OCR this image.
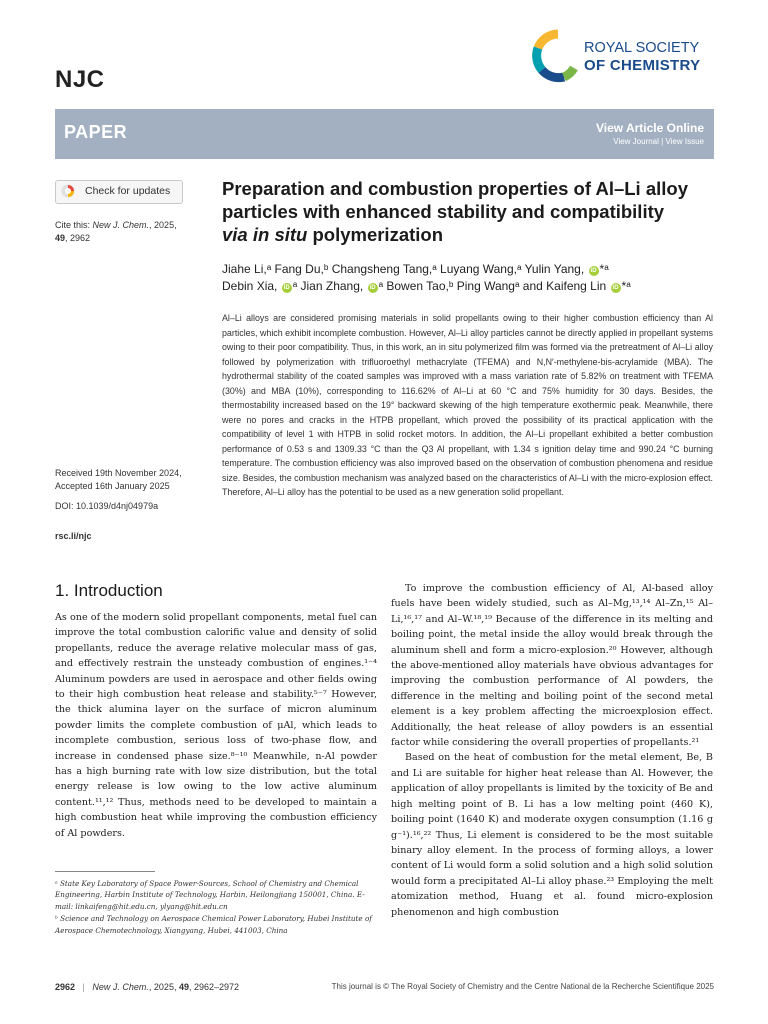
NJC
ROYAL SOCIETY
OF CHEMISTRY
PAPER	View Article Online
View Journal | View Issue
Check for updates
Cite this: New J. Chem., 2025,
49, 2962
Received 19th November 2024,
Accepted 16th January 2025
DOI: 10.1039/d4nj04979a
rsc.li/njc
Preparation and combustion properties of Al–Li alloy particles with enhanced stability and compatibility via in situ polymerization
Jiahe Li,ᵃ Fang Du,ᵇ Changsheng Tang,ᵃ Luyang Wang,ᵃ Yulin Yang, iD *ᵃ
Debin Xia, iD ᵃ Jian Zhang, iD ᵃ Bowen Tao,ᵇ Ping Wangᵃ and Kaifeng Lin iD *ᵃ
Al–Li alloys are considered promising materials in solid propellants owing to their higher combustion efficiency than Al particles, which exhibit incomplete combustion. However, Al–Li alloy particles cannot be directly applied in propellant systems owing to their poor compatibility. Thus, in this work, an in situ polymerized film was formed via the pretreatment of Al–Li alloy followed by polymerization with trifluoroethyl methacrylate (TFEMA) and N,N′-methylene-bis-acrylamide (MBA). The hydrothermal stability of the coated samples was improved with a mass variation rate of 5.82% on treatment with TFEMA (30%) and MBA (10%), corresponding to 116.62% of Al–Li at 60 °C and 75% humidity for 30 days. Besides, the thermostability increased based on the 19° backward skewing of the high temperature exothermic peak. Meanwhile, there were no pores and cracks in the HTPB propellant, which proved the possibility of its practical application with the compatibility of level 1 with HTPB in solid rocket motors. In addition, the Al–Li propellant exhibited a better combustion performance of 0.53 s and 1309.33 °C than the Q3 Al propellant, with 1.34 s ignition delay time and 990.24 °C burning temperature. The combustion efficiency was also improved based on the observation of combustion phenomena and residue size. Besides, the combustion mechanism was analyzed based on the characteristics of Al–Li with the micro-explosion effect. Therefore, Al–Li alloy has the potential to be used as a new generation solid propellant.
1. Introduction

As one of the modern solid propellant components, metal fuel can improve the total combustion calorific value and density of solid propellants, reduce the average relative molecular mass of gas, and effectively restrain the unsteady combustion of engines.¹⁻⁴ Aluminum powders are used in aerospace and other fields owing to their high combustion heat release and stability.⁵⁻⁷ However, the thick alumina layer on the surface of micron aluminum powder limits the complete combustion of μAl, which leads to incomplete combustion, serious loss of two-phase flow, and increase in condensed phase size.⁸⁻¹⁰ Meanwhile, n-Al powder has a high burning rate with low size distribution, but the total energy release is low owing to the low active aluminum content.¹¹,¹² Thus, methods need to be developed to maintain a high combustion heat while improving the combustion efficiency of Al powders.

To improve the combustion efficiency of Al, Al-based alloy fuels have been widely studied, such as Al–Mg,¹³,¹⁴ Al–Zn,¹⁵ Al–Li,¹⁶,¹⁷ and Al–W.¹⁸,¹⁹ Because of the difference in its melting and boiling point, the metal inside the alloy would break through the aluminum shell and form a micro-explosion.²⁰ However, although the above-mentioned alloy materials have obvious advantages for improving the combustion performance of Al powders, the difference in the melting and boiling point of the second metal element is a key problem affecting the microexplosion effect. Additionally, the heat release of alloy powders is an essential factor while considering the overall properties of propellants.²¹

Based on the heat of combustion for the metal element, Be, B and Li are suitable for higher heat release than Al. However, the application of alloy propellants is limited by the toxicity of Be and high melting point of B. Li has a low melting point (460 K), boiling point (1640 K) and moderate oxygen consumption (1.16 g g⁻¹).¹⁶,²² Thus, Li element is considered to be the most suitable binary alloy element. In the process of forming alloys, a lower content of Li would form a solid solution and a high solid solution would form a precipitated Al–Li alloy phase.²³ Employing the melt atomization method, Huang et al. found micro-explosion phenomenon and high combustion

ᵃ State Key Laboratory of Space Power-Sources, School of Chemistry and Chemical Engineering, Harbin Institute of Technology, Harbin, Heilongjiang 150001, China. E-mail: linkaifeng@hit.edu.cn, ylyang@hit.edu.cn

ᵇ Science and Technology on Aerospace Chemical Power Laboratory, Hubei Institute of Aerospace Chemotechnology, Xiangyang, Hubei, 441003, China

2962 | New J. Chem., 2025, 49, 2962–2972	This journal is © The Royal Society of Chemistry and the Centre National de la Recherche Scientifique 2025
